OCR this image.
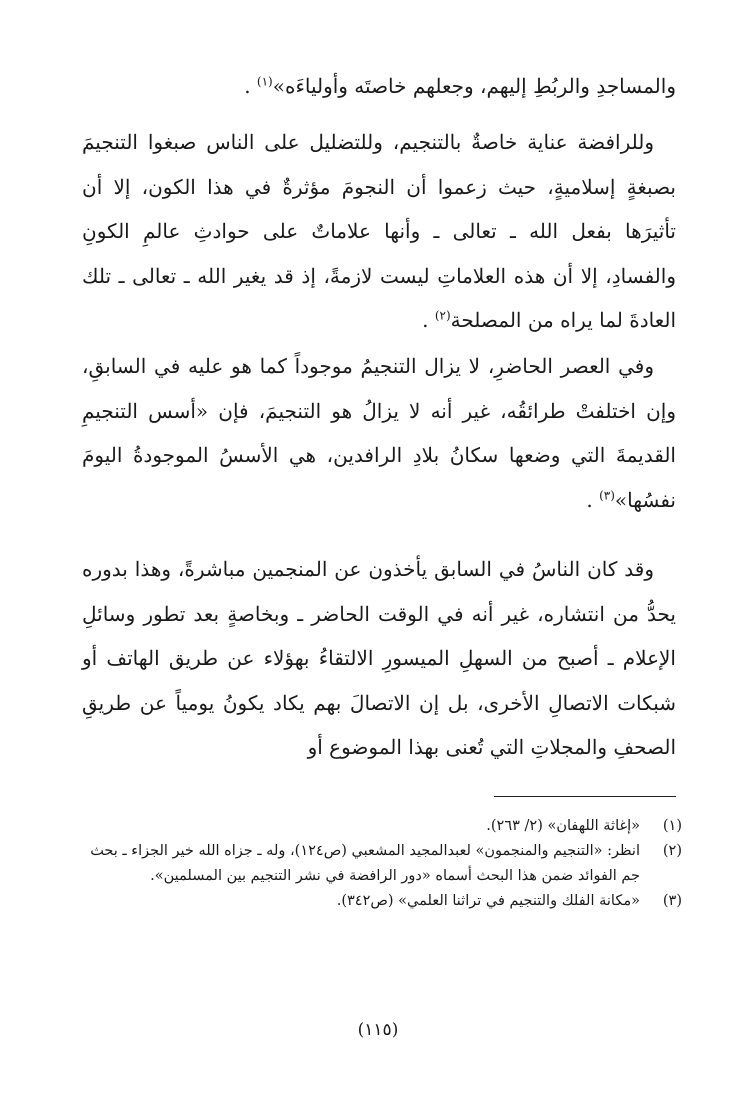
والمساجدِ والربُطِ إليهم، وجعلهم خاصتَه وأولياءَه»$^{(١)}$ .

وللرافضة عناية خاصةٌ بالتنجيم، وللتضليل على الناس صبغوا التنجيمَ بصبغةٍ إسلاميةٍ، حيث زعموا أن النجومَ مؤثرةٌ في هذا الكون، إلا أن تأثيرَها بفعل الله ـ تعالى ـ وأنها علاماتٌ على حوادثِ عالمِ الكونِ والفسادِ، إلا أن هذه العلاماتِ ليست لازمةً، إذ قد يغير الله ـ تعالى ـ تلك العادةَ لما يراه من المصلحة$^{(٢)}$ .

وفي العصر الحاضرِ، لا يزال التنجيمُ موجوداً كما هو عليه في السابقِ، وإن اختلفتْ طرائقُه، غير أنه لا يزالُ هو التنجيمَ، فإن «أسس التنجيمِ القديمةَ التي وضعها سكانُ بلادِ الرافدين، هي الأسسُ الموجودةُ اليومَ نفسُها»$^{(٣)}$ .

وقد كان الناسُ في السابق يأخذون عن المنجمين مباشرةً، وهذا بدوره يحدُّ من انتشاره، غير أنه في الوقت الحاضر ـ وبخاصةٍ بعد تطور وسائلِ الإعلام ـ أصبح من السهلِ الميسورِ الالتقاءُ بهؤلاء عن طريق الهاتف أو شبكات الاتصالِ الأخرى، بل إن الاتصالَ بهم يكاد يكونُ يومياً عن طريقِ الصحفِ والمجلاتِ التي تُعنى بهذا الموضوع أو

(١)
«إغاثة اللهفان» (٢/ ٢٦٣).
(٢)
انظر: «التنجيم والمنجمون» لعبدالمجيد المشعبي (ص١٢٤)، وله ـ جزاه الله خير الجزاء ـ بحث جم الفوائد ضمن هذا البحث أسماه «دور الرافضة في نشر التنجيم بين المسلمين».
(٣)
«مكانة الفلك والتنجيم في تراثنا العلمي» (ص٣٤٢).
(١١٥)
